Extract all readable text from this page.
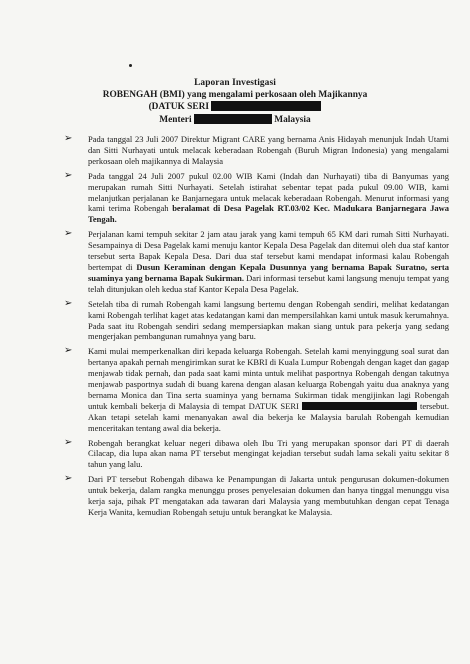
Laporan Investigasi
ROBENGAH (BMI) yang mengalami perkosaan oleh Majikannya
(DATUK SERI
Menteri	Malaysia
➢ Pada tanggal 23 Juli 2007 Direktur Migrant CARE yang bernama Anis Hidayah menunjuk Indah Utami dan Sitti Nurhayati untuk melacak keberadaan Robengah (Buruh Migran Indonesia) yang mengalami perkosaan oleh majikannya di Malaysia
➢ Pada tanggal 24 Juli 2007 pukul 02.00 WIB Kami (Indah dan Nurhayati) tiba di Banyumas yang merupakan rumah Sitti Nurhayati. Setelah istirahat sebentar tepat pada pukul 09.00 WIB, kami melanjutkan perjalanan ke Banjarnegara untuk melacak keberadaan Robengah. Menurut informasi yang kami terima Robengah beralamat di Desa Pagelak RT.03/02 Kec. Madukara Banjarnegara Jawa Tengah.
➢ Perjalanan kami tempuh sekitar 2 jam atau jarak yang kami tempuh 65 KM dari rumah Sitti Nurhayati. Sesampainya di Desa Pagelak kami menuju kantor Kepala Desa Pagelak dan ditemui oleh dua staf kantor tersebut serta Bapak Kepala Desa. Dari dua staf tersebut kami mendapat informasi kalau Robengah bertempat di Dusun Keraminan dengan Kepala Dusunnya yang bernama Bapak Suratno, serta suaminya yang bernama Bapak Sukirman. Dari informasi tersebut kami langsung menuju tempat yang telah ditunjukan oleh kedua staf Kantor Kepala Desa Pagelak.
➢ Setelah tiba di rumah Robengah kami langsung bertemu dengan Robengah sendiri, melihat kedatangan kami Robengah terlihat kaget atas kedatangan kami dan mempersilahkan kami untuk masuk kerumahnya. Pada saat itu Robengah sendiri sedang mempersiapkan makan siang untuk para pekerja yang sedang mengerjakan pembangunan rumahnya yang baru.
➢ Kami mulai memperkenalkan diri kepada keluarga Robengah. Setelah kami menyinggung soal surat dan bertanya apakah pernah mengirimkan surat ke KBRI di Kuala Lumpur Robengah dengan kaget dan gagap menjawab tidak pernah, dan pada saat kami minta untuk melihat pasportnya Robengah dengan takutnya menjawab pasportnya sudah di buang karena dengan alasan keluarga Robengah yaitu dua anaknya yang bernama Monica dan Tina serta suaminya yang bernama Sukirman tidak mengijinkan lagi Robengah untuk kembali bekerja di Malaysia di tempat DATUK SERI	tersebut. Akan tetapi setelah kami menanyakan awal dia bekerja ke Malaysia barulah Robengah kemudian menceritakan tentang awal dia bekerja.
➢ Robengah berangkat keluar negeri dibawa oleh Ibu Tri yang merupakan sponsor dari PT di daerah Cilacap, dia lupa akan nama PT tersebut mengingat kejadian tersebut sudah lama sekali yaitu sekitar 8 tahun yang lalu.
➢ Dari PT tersebut Robengah dibawa ke Penampungan di Jakarta untuk pengurusan dokumen-dokumen untuk bekerja, dalam rangka menunggu proses penyelesaian dokumen dan hanya tinggal menunggu visa kerja saja, pihak PT mengatakan ada tawaran dari Malaysia yang membutuhkan dengan cepat Tenaga Kerja Wanita, kemudian Robengah setuju untuk berangkat ke Malaysia.
